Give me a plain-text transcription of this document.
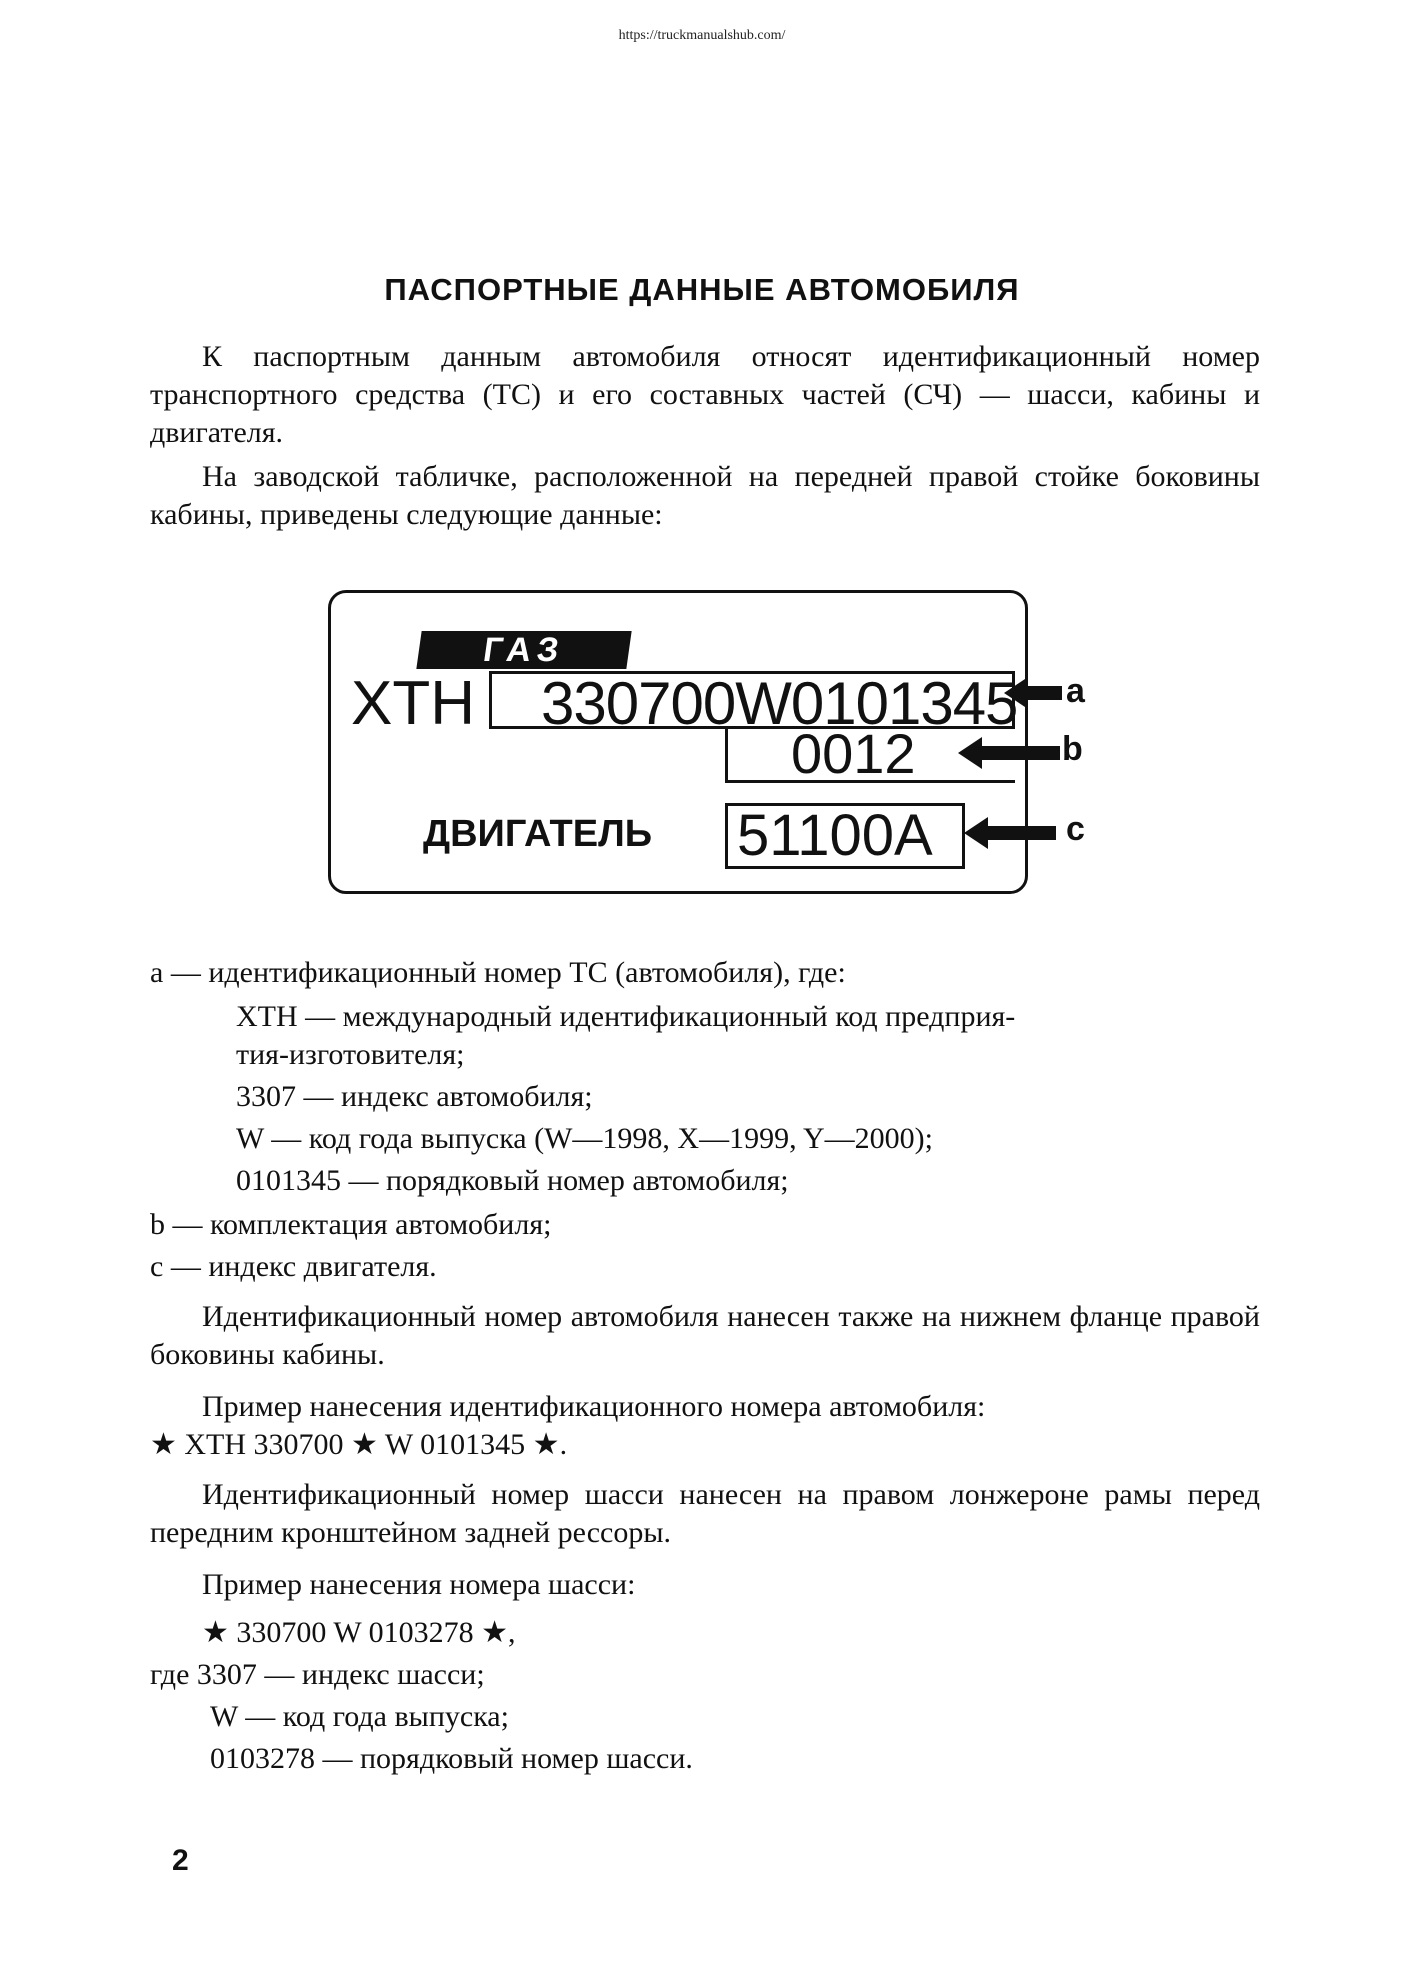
https://truckmanualshub.com/
ПАСПОРТНЫЕ ДАННЫЕ АВТОМОБИЛЯ
К паспортным данным автомобиля относят идентификационный номер транспортного средства (ТС) и его составных частей (СЧ) — шасси, кабины и двигателя.
На заводской табличке, расположенной на передней правой стойке боковины кабины, приведены следующие данные:
ГАЗ
XTH 330700W0101345
0012
ДВИГАТЕЛЬ 51100A
a
b
c
a — идентификационный номер ТС (автомобиля), где:
XTH — международный идентификационный код предприя-
тия-изготовителя;
3307 — индекс автомобиля;
W — код года выпуска (W—1998, X—1999, Y—2000);
0101345 — порядковый номер автомобиля;
b — комплектация автомобиля;
c — индекс двигателя.
Идентификационный номер автомобиля нанесен также на нижнем фланце правой боковины кабины.
Пример нанесения идентификационного номера автомобиля:
★ XTH 330700 ★ W 0101345 ★.
Идентификационный номер шасси нанесен на правом лонжероне рамы перед передним кронштейном задней рессоры.
Пример нанесения номера шасси:
★ 330700 W 0103278 ★,
где 3307 — индекс шасси;
W — код года выпуска;
0103278 — порядковый номер шасси.
2
